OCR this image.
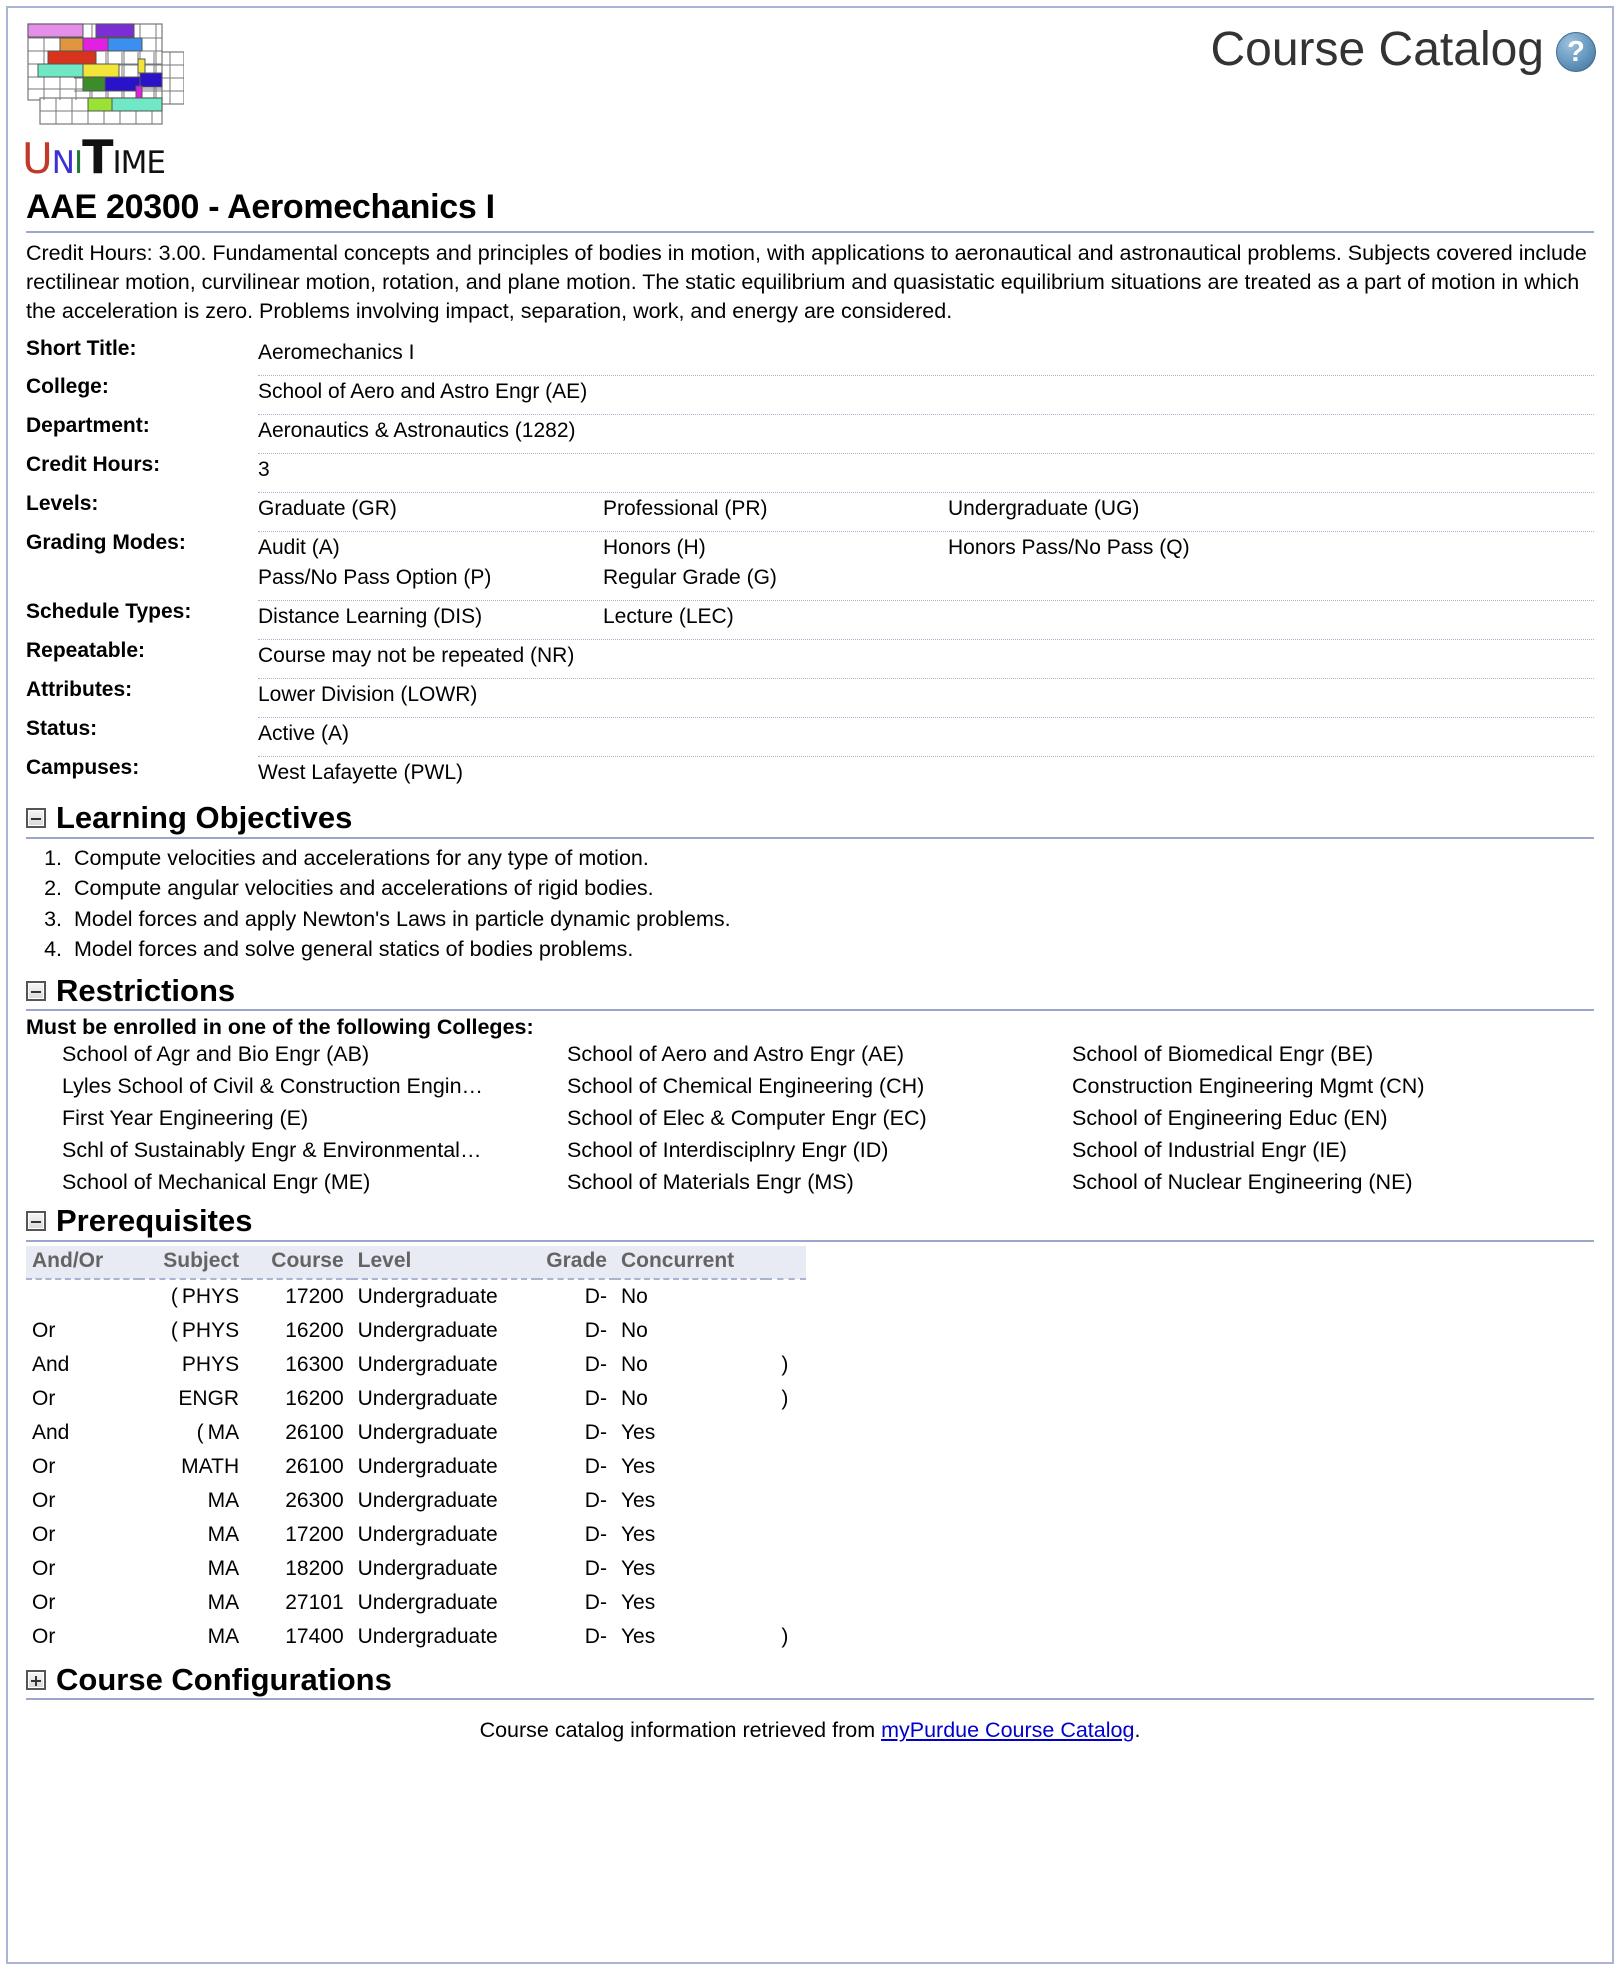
UNITIME
Course Catalog ?
AAE 20300 - Aeromechanics I
Credit Hours: 3.00. Fundamental concepts and principles of bodies in motion, with applications to aeronautical and astronautical problems. Subjects covered include rectilinear motion, curvilinear motion, rotation, and plane motion. The static equilibrium and quasistatic equilibrium situations are treated as a part of motion in which the acceleration is zero. Problems involving impact, separation, work, and energy are considered.
Short Title:	Aeromechanics I

College:	School of Aero and Astro Engr (AE)

Department:	Aeronautics & Astronautics (1282)

Credit Hours:	3

Levels:	Graduate (GR) Professional (PR) Undergraduate (UG)

Grading Modes:	Audit (A) Honors (H) Honors Pass/No Pass (Q)
Pass/No Pass Option (P) Regular Grade (G)

Schedule Types:	Distance Learning (DIS) Lecture (LEC)

Repeatable:	Course may not be repeated (NR)

Attributes:	Lower Division (LOWR)

Status:	Active (A)

Campuses:	West Lafayette (PWL)
Learning Objectives
1. Compute velocities and accelerations for any type of motion.
2. Compute angular velocities and accelerations of rigid bodies.
3. Model forces and apply Newton's Laws in particle dynamic problems.
4. Model forces and solve general statics of bodies problems.
Restrictions
Must be enrolled in one of the following Colleges:
School of Agr and Bio Engr (AB)	School of Aero and Astro Engr (AE)	School of Biomedical Engr (BE)
Lyles School of Civil & Construction Engin…	School of Chemical Engineering (CH)	Construction Engineering Mgmt (CN)
First Year Engineering (E)	School of Elec & Computer Engr (EC)	School of Engineering Educ (EN)
Schl of Sustainably Engr & Environmental…	School of Interdisciplnry Engr (ID)	School of Industrial Engr (IE)
School of Mechanical Engr (ME)	School of Materials Engr (MS)	School of Nuclear Engineering (NE)
Prerequisites
And/Or	Subject	Course	Level	Grade	Concurrent	
	( PHYS	17200	Undergraduate	D-	No	
Or	( PHYS	16200	Undergraduate	D-	No	
And	PHYS	16300	Undergraduate	D-	No	)
Or	ENGR	16200	Undergraduate	D-	No	)
And	( MA	26100	Undergraduate	D-	Yes	
Or	MATH	26100	Undergraduate	D-	Yes	
Or	MA	26300	Undergraduate	D-	Yes	
Or	MA	17200	Undergraduate	D-	Yes	
Or	MA	18200	Undergraduate	D-	Yes	
Or	MA	27101	Undergraduate	D-	Yes	
Or	MA	17400	Undergraduate	D-	Yes	)
Course Configurations
Course catalog information retrieved from myPurdue Course Catalog.
